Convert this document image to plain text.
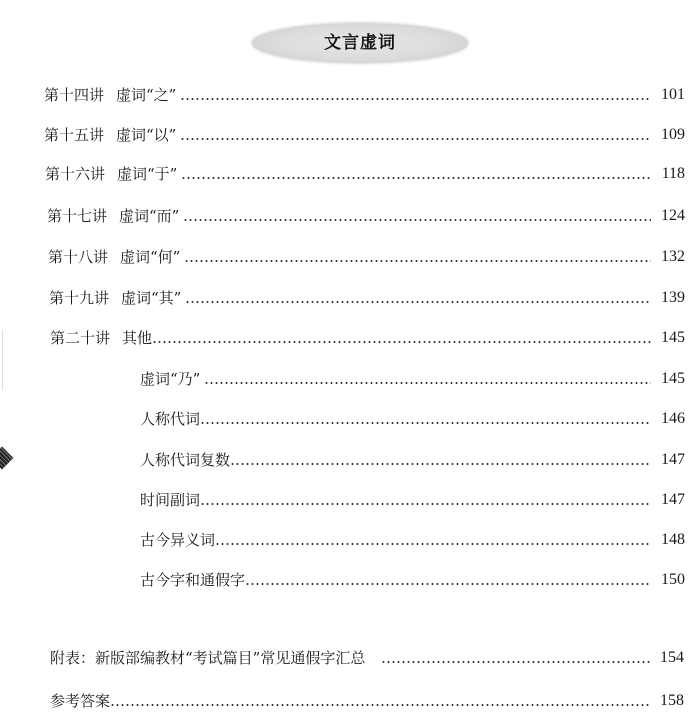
文言虚词
第十四讲 虚词“之”	101
第十五讲 虚词“以”	109
第十六讲 虚词“于”	118
第十七讲 虚词“而”	124
第十八讲 虚词“何”	132
第十九讲 虚词“其”	139
第二十讲 其他	145
虚词“乃”	145
人称代词	146
人称代词复数	147
时间副词	147
古今异义词	148
古今字和通假字	150
附表：新版部编教材“考试篇目”常见通假字汇总	154
参考答案	158
